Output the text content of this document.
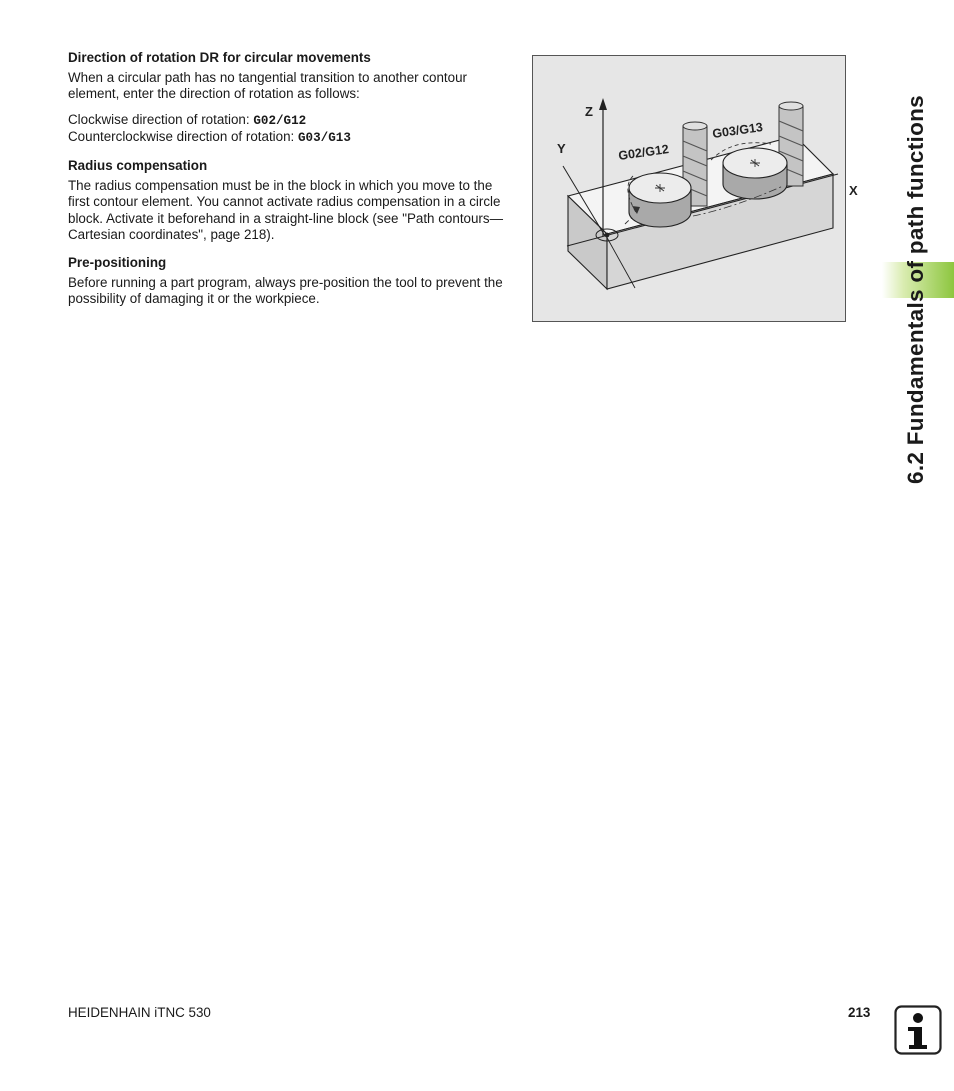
Direction of rotation DR for circular movements

When a circular path has no tangential transition to another contour element, enter the direction of rotation as follows:

Clockwise direction of rotation: G02/G12

Counterclockwise direction of rotation: G03/G13

Radius compensation

The radius compensation must be in the block in which you move to the first contour element. You cannot activate radius compensation in a circle block. Activate it beforehand in a straight-line block (see "Path contours—Cartesian coordinates", page 218).

Pre-positioning

Before running a part program, always pre-position the tool to prevent the possibility of damaging it or the workpiece.

Z
Y
X
G02/G12
G03/G13	6.2 Fundamentals of path functions
HEIDENHAIN iTNC 530	213
